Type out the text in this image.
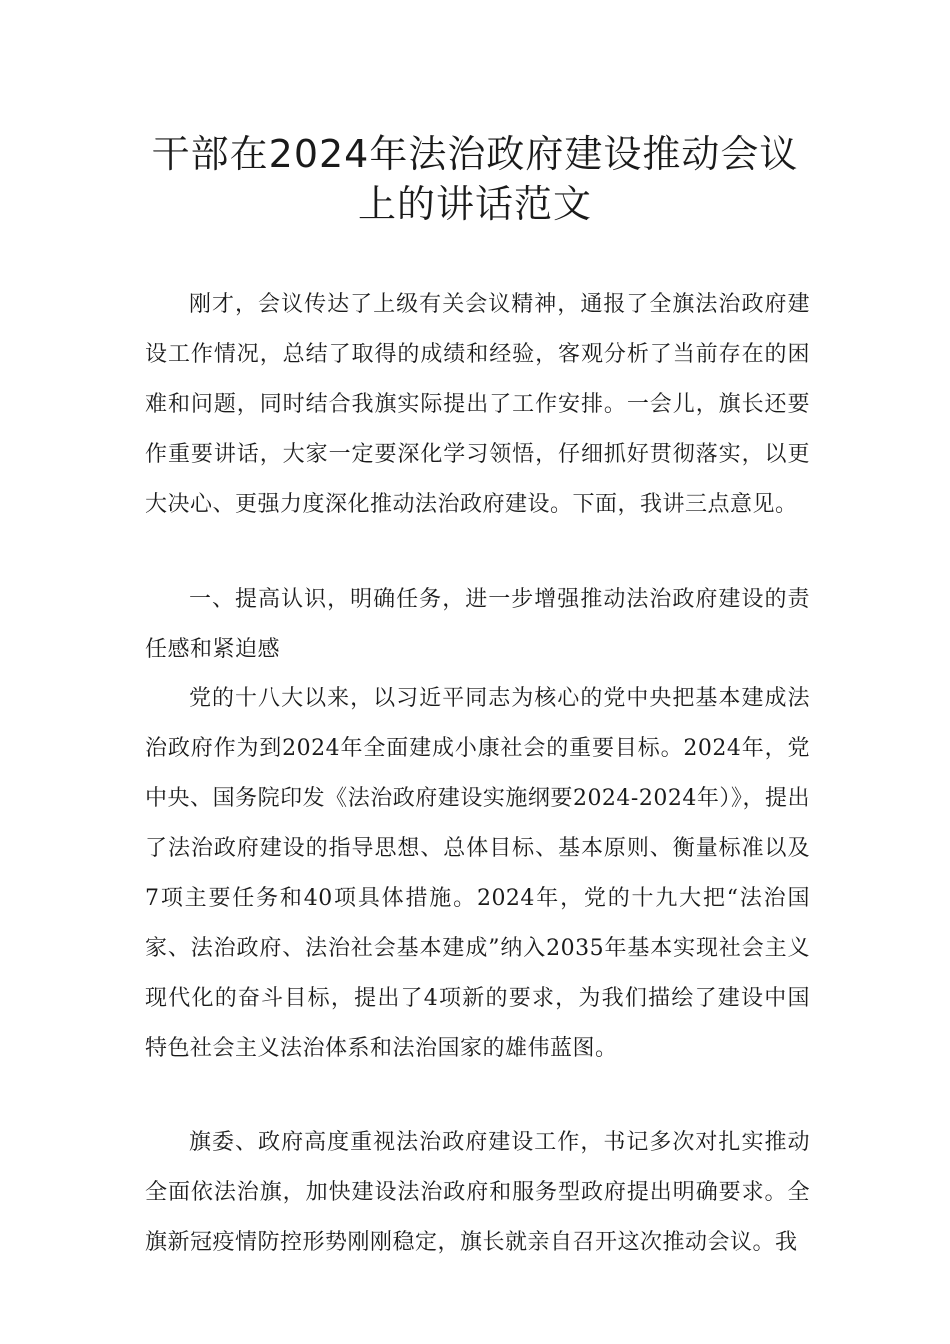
干部在2024年法治政府建设推动会议
上的讲话范文

刚才，会议传达了上级有关会议精神，通报了全旗法治政府建设工作情况，总结了取得的成绩和经验，客观分析了当前存在的困难和问题，同时结合我旗实际提出了工作安排。一会儿，旗长还要作重要讲话，大家一定要深化学习领悟，仔细抓好贯彻落实，以更大决心、更强力度深化推动法治政府建设。下面，我讲三点意见。

一、提高认识，明确任务，进一步增强推动法治政府建设的责任感和紧迫感

党的十八大以来，以习近平同志为核心的党中央把基本建成法治政府作为到2024年全面建成小康社会的重要目标。2024年，党中央、国务院印发《法治政府建设实施纲要2024-2024年）》，提出了法治政府建设的指导思想、总体目标、基本原则、衡量标准以及7项主要任务和40项具体措施。2024年，党的十九大把“法治国家、法治政府、法治社会基本建成”纳入2035年基本实现社会主义现代化的奋斗目标，提出了4项新的要求，为我们描绘了建设中国特色社会主义法治体系和法治国家的雄伟蓝图。

旗委、政府高度重视法治政府建设工作，书记多次对扎实推动全面依法治旗，加快建设法治政府和服务型政府提出明确要求。全旗新冠疫情防控形势刚刚稳定，旗长就亲自召开这次推动会议。我
